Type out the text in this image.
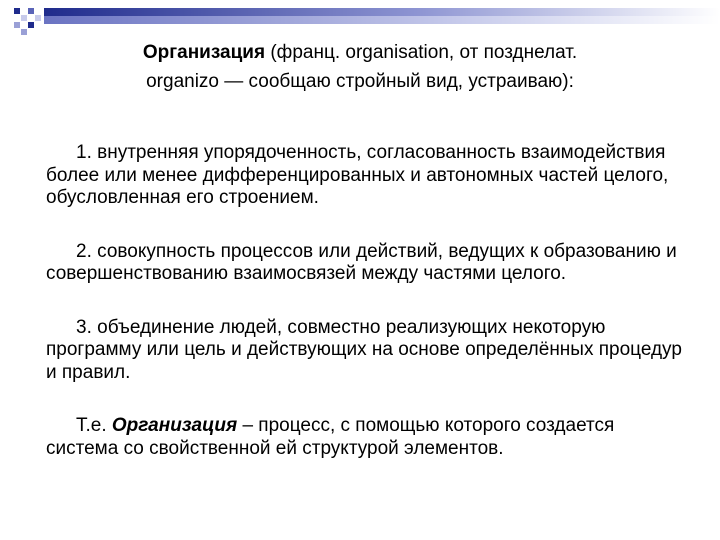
Организация (франц. organisation, от позднелат.
organizo — сообщаю стройный вид, устраиваю):

1. внутренняя упорядоченность, согласованность взаимодействия более или менее дифференцированных и автономных частей целого, обусловленная его строением.

2. совокупность процессов или действий, ведущих к образованию и совершенствованию взаимосвязей между частями целого.

3. объединение людей, совместно реализующих некоторую программу или цель и действующих на основе определённых процедур и правил.

Т.е. Организация – процесс, с помощью которого создается система со свойственной ей структурой элементов.
